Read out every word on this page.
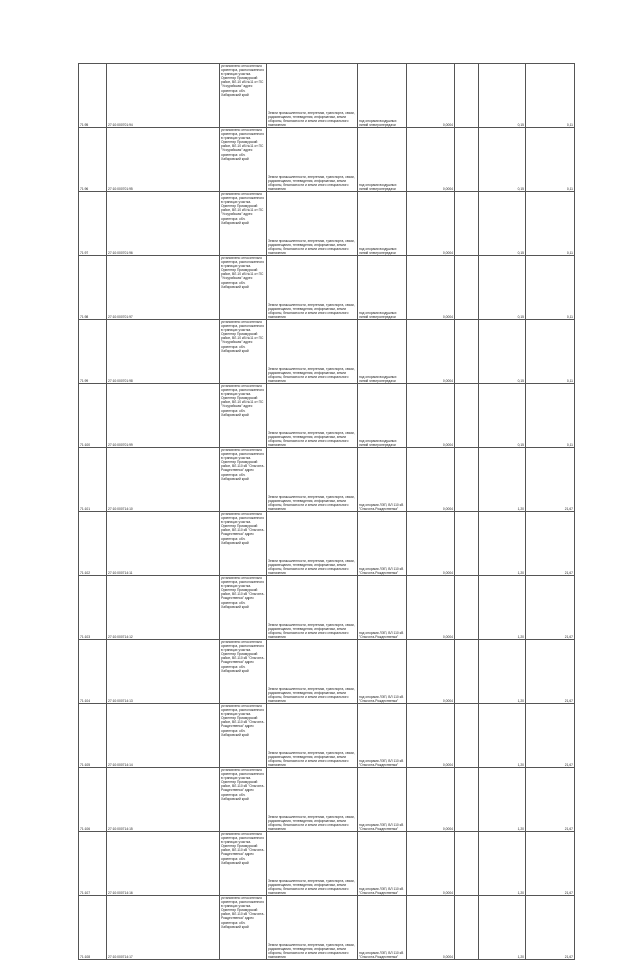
71:95	27:10:000701:94	установлено относительно ориентира, расположенного в границах участка. Ориентир Приамурский район, ВЛ-10 кВ №11 от ПС "Уссурийская" адрес ориентира: обл. Хабаровский край	Земли промышленности, энергетики, транспорта, связи, радиовещания, телевидения, информатики, земли обороны, безопасности и земли иного специального назначения	под опорами воздушных линий электропередачи	0,0004		0,15	0,11
71:96	27:10:000701:95	установлено относительно ориентира, расположенного в границах участка. Ориентир Приамурский район, ВЛ-10 кВ №11 от ПС "Уссурийская" адрес ориентира: обл. Хабаровский край	Земли промышленности, энергетики, транспорта, связи, радиовещания, телевидения, информатики, земли обороны, безопасности и земли иного специального назначения	под опорами воздушных линий электропередачи	0,0004		0,15	0,11
71:97	27:10:000701:96	установлено относительно ориентира, расположенного в границах участка. Ориентир Приамурский район, ВЛ-10 кВ №11 от ПС "Уссурийская" адрес ориентира: обл. Хабаровский край	Земли промышленности, энергетики, транспорта, связи, радиовещания, телевидения, информатики, земли обороны, безопасности и земли иного специального назначения	под опорами воздушных линий электропередачи	0,0004		0,15	0,11
71:98	27:10:000701:97	установлено относительно ориентира, расположенного в границах участка. Ориентир Приамурский район, ВЛ-10 кВ №11 от ПС "Уссурийская" адрес ориентира: обл. Хабаровский край	Земли промышленности, энергетики, транспорта, связи, радиовещания, телевидения, информатики, земли обороны, безопасности и земли иного специального назначения	под опорами воздушных линий электропередачи	0,0004		0,15	0,11
71:99	27:10:000701:98	установлено относительно ориентира, расположенного в границах участка. Ориентир Приамурский район, ВЛ-10 кВ №11 от ПС "Уссурийская" адрес ориентира: обл. Хабаровский край	Земли промышленности, энергетики, транспорта, связи, радиовещания, телевидения, информатики, земли обороны, безопасности и земли иного специального назначения	под опорами воздушных линий электропередачи	0,0004		0,15	0,11
71:100	27:10:000701:99	установлено относительно ориентира, расположенного в границах участка. Ориентир Приамурский район, ВЛ-10 кВ №11 от ПС "Уссурийская" адрес ориентира: обл. Хабаровский край	Земли промышленности, энергетики, транспорта, связи, радиовещания, телевидения, информатики, земли обороны, безопасности и земли иного специального назначения	под опорами воздушных линий электропередачи	0,0004		0,15	0,11
71:101	27:10:000714:10	установлено относительно ориентира, расположенного в границах участка. Ориентир Приамурский район, ВЛ-110 кВ "Ольгохта-Рождественка" адрес ориентира: обл. Хабаровский край	Земли промышленности, энергетики, транспорта, связи, радиовещания, телевидения, информатики, земли обороны, безопасности и земли иного специального назначения	под опорами ЛЭП, ВЛ 110 кВ "Ольгохта-Рождественка"	0,0004		1,20	21,67
71:102	27:10:000714:11	установлено относительно ориентира, расположенного в границах участка. Ориентир Приамурский район, ВЛ-110 кВ "Ольгохта-Рождественка" адрес ориентира: обл. Хабаровский край	Земли промышленности, энергетики, транспорта, связи, радиовещания, телевидения, информатики, земли обороны, безопасности и земли иного специального назначения	под опорами ЛЭП, ВЛ 110 кВ "Ольгохта-Рождественка"	0,0004		1,20	21,67
71:103	27:10:000714:12	установлено относительно ориентира, расположенного в границах участка. Ориентир Приамурский район, ВЛ-110 кВ "Ольгохта-Рождественка" адрес ориентира: обл. Хабаровский край	Земли промышленности, энергетики, транспорта, связи, радиовещания, телевидения, информатики, земли обороны, безопасности и земли иного специального назначения	под опорами ЛЭП, ВЛ 110 кВ "Ольгохта-Рождественка"	0,0004		1,20	21,67
71:104	27:10:000714:13	установлено относительно ориентира, расположенного в границах участка. Ориентир Приамурский район, ВЛ-110 кВ "Ольгохта-Рождественка" адрес ориентира: обл. Хабаровский край	Земли промышленности, энергетики, транспорта, связи, радиовещания, телевидения, информатики, земли обороны, безопасности и земли иного специального назначения	под опорами ЛЭП, ВЛ 110 кВ "Ольгохта-Рождественка"	0,0004		1,20	21,67
71:105	27:10:000714:14	установлено относительно ориентира, расположенного в границах участка. Ориентир Приамурский район, ВЛ-110 кВ "Ольгохта-Рождественка" адрес ориентира: обл. Хабаровский край	Земли промышленности, энергетики, транспорта, связи, радиовещания, телевидения, информатики, земли обороны, безопасности и земли иного специального назначения	под опорами ЛЭП, ВЛ 110 кВ "Ольгохта-Рождественка"	0,0004		1,20	21,67
71:106	27:10:000714:15	установлено относительно ориентира, расположенного в границах участка. Ориентир Приамурский район, ВЛ-110 кВ "Ольгохта-Рождественка" адрес ориентира: обл. Хабаровский край	Земли промышленности, энергетики, транспорта, связи, радиовещания, телевидения, информатики, земли обороны, безопасности и земли иного специального назначения	под опорами ЛЭП, ВЛ 110 кВ "Ольгохта-Рождественка"	0,0004		1,20	21,67
71:107	27:10:000714:16	установлено относительно ориентира, расположенного в границах участка. Ориентир Приамурский район, ВЛ-110 кВ "Ольгохта-Рождественка" адрес ориентира: обл. Хабаровский край	Земли промышленности, энергетики, транспорта, связи, радиовещания, телевидения, информатики, земли обороны, безопасности и земли иного специального назначения	под опорами ЛЭП, ВЛ 110 кВ "Ольгохта-Рождественка"	0,0004		1,20	21,67
71:108	27:10:000714:17	установлено относительно ориентира, расположенного в границах участка. Ориентир Приамурский район, ВЛ-110 кВ "Ольгохта-Рождественка" адрес ориентира: обл. Хабаровский край	Земли промышленности, энергетики, транспорта, связи, радиовещания, телевидения, информатики, земли обороны, безопасности и земли иного специального назначения	под опорами ЛЭП, ВЛ 110 кВ "Ольгохта-Рождественка"	0,0004		1,20	21,67
